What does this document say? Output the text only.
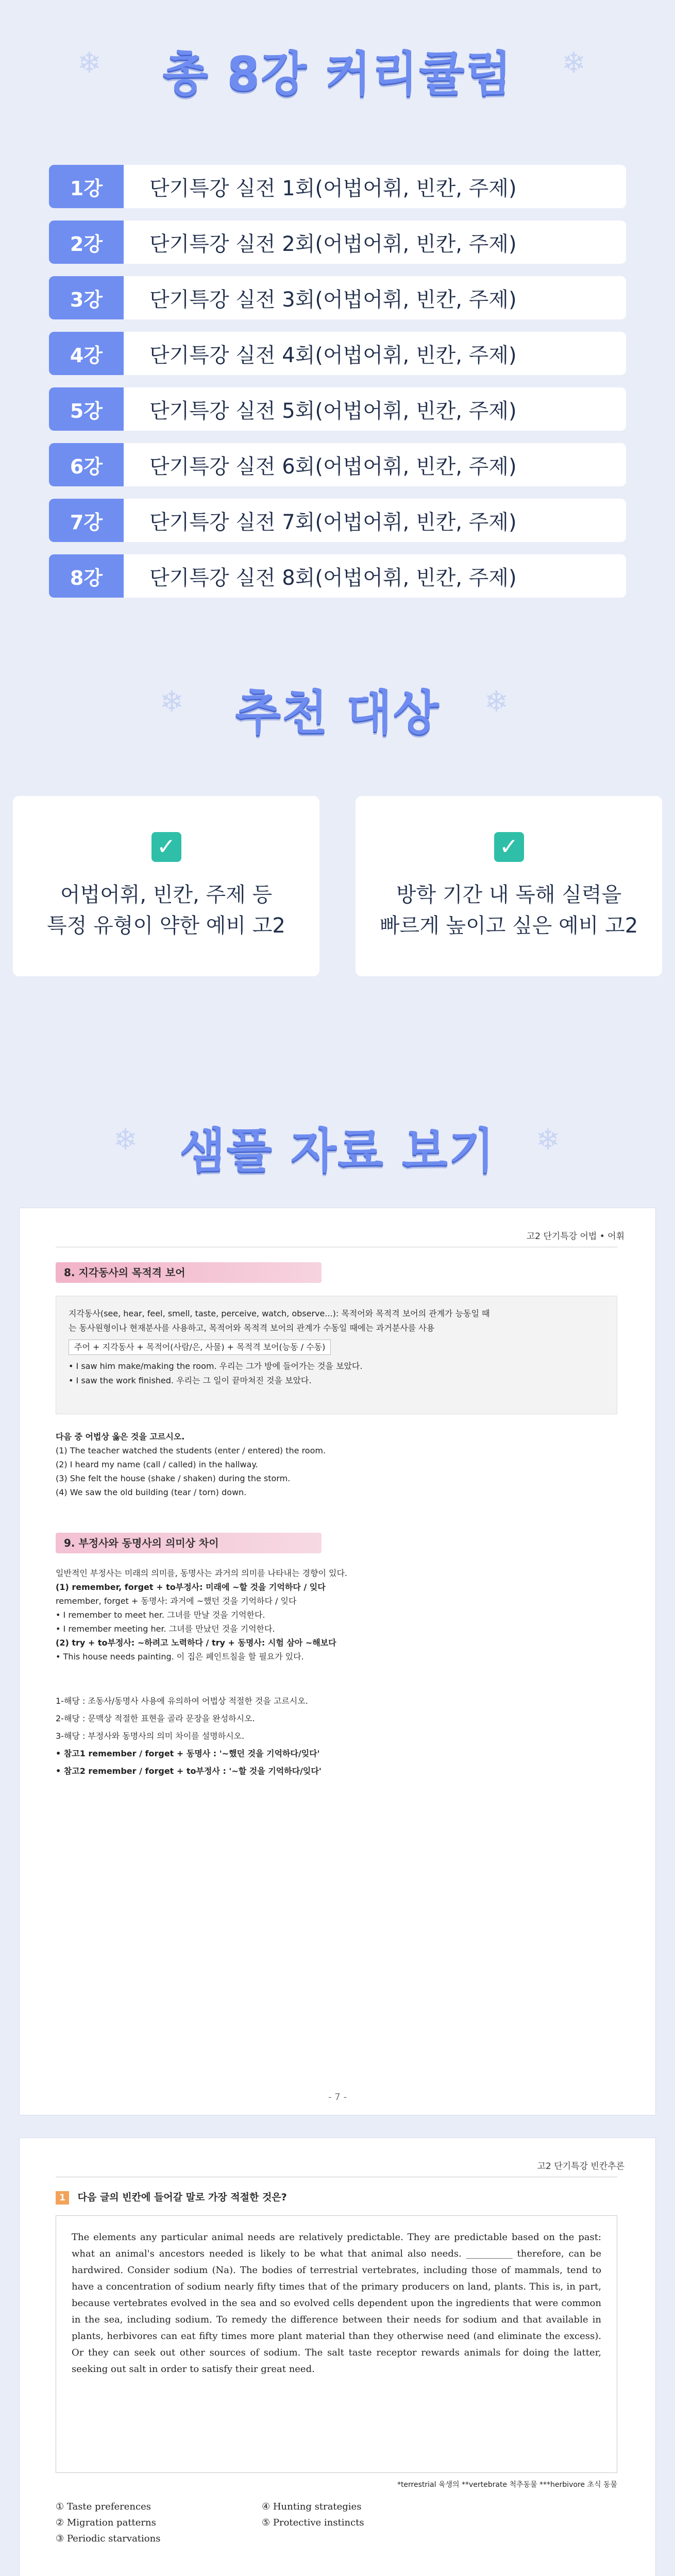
❄	❄
총 8강 커리큘럼
1강	단기특강 실전 1회(어법어휘, 빈칸, 주제)
2강	단기특강 실전 2회(어법어휘, 빈칸, 주제)
3강	단기특강 실전 3회(어법어휘, 빈칸, 주제)
4강	단기특강 실전 4회(어법어휘, 빈칸, 주제)
5강	단기특강 실전 5회(어법어휘, 빈칸, 주제)
6강	단기특강 실전 6회(어법어휘, 빈칸, 주제)
7강	단기특강 실전 7회(어법어휘, 빈칸, 주제)
8강	단기특강 실전 8회(어법어휘, 빈칸, 주제)
❄	❄
추천 대상
✓
어법어휘, 빈칸, 주제 등
특정 유형이 약한 예비 고2
✓
방학 기간 내 독해 실력을
빠르게 높이고 싶은 예비 고2
❄	❄
샘플 자료 보기
고2 단기특강 어법 • 어휘
8. 지각동사의 목적격 보어
지각동사(see, hear, feel, smell, taste, perceive, watch, observe...): 목적어와 목적격 보어의 관계가 능동일 때
는 동사원형이나 현재분사를 사용하고, 목적어와 목적격 보어의 관계가 수동일 때에는 과거분사를 사용
주어 + 지각동사 + 목적어(사람/은, 사물) + 목적격 보어(능동 / 수동)
• I saw him make/making the room. 우리는 그가 방에 들어가는 것을 보았다.
• I saw the work finished. 우리는 그 일이 끝마쳐진 것을 보았다.
다음 중 어법상 옳은 것을 고르시오.
(1) The teacher watched the students (enter / entered) the room.
(2) I heard my name (call / called) in the hallway.
(3) She felt the house (shake / shaken) during the storm.
(4) We saw the old building (tear / torn) down.
9. 부정사와 동명사의 의미상 차이
일반적인 부정사는 미래의 의미를, 동명사는 과거의 의미를 나타내는 경향이 있다.
(1) remember, forget + to부정사: 미래에 ~할 것을 기억하다 / 잊다
remember, forget + 동명사: 과거에 ~했던 것을 기억하다 / 잊다
• I remember to meet her. 그녀를 만날 것을 기억한다.
• I remember meeting her. 그녀를 만났던 것을 기억한다.
(2) try + to부정사: ~하려고 노력하다 / try + 동명사: 시험 삼아 ~해보다
• This house needs painting. 이 집은 페인트칠을 할 필요가 있다.
1-해당 : 조동사/동명사 사용에 유의하여 어법상 적절한 것을 고르시오.
2-해당 : 문맥상 적절한 표현을 골라 문장을 완성하시오.
3-해당 : 부정사와 동명사의 의미 차이를 설명하시오.
• 참고1 remember / forget + 동명사 : '~했던 것을 기억하다/잊다'
• 참고2 remember / forget + to부정사 : '~할 것을 기억하다/잊다'
- 7 -
고2 단기특강 빈칸추론
1 다음 글의 빈칸에 들어갈 말로 가장 적절한 것은?
The elements any particular animal needs are relatively predictable. They are predictable based on the past: what an animal's ancestors needed is likely to be what that animal also needs. __________ therefore, can be hardwired. Consider sodium (Na). The bodies of terrestrial vertebrates, including those of mammals, tend to have a concentration of sodium nearly fifty times that of the primary producers on land, plants. This is, in part, because vertebrates evolved in the sea and so evolved cells dependent upon the ingredients that were common in the sea, including sodium. To remedy the difference between their needs for sodium and that available in plants, herbivores can eat fifty times more plant material than they otherwise need (and eliminate the excess). Or they can seek out other sources of sodium. The salt taste receptor rewards animals for doing the latter, seeking out salt in order to satisfy their great need.
*terrestrial 육생의 **vertebrate 척추동물 ***herbivore 초식 동물
① Taste preferences
② Migration patterns
③ Periodic starvations
④ Hunting strategies
⑤ Protective instincts
